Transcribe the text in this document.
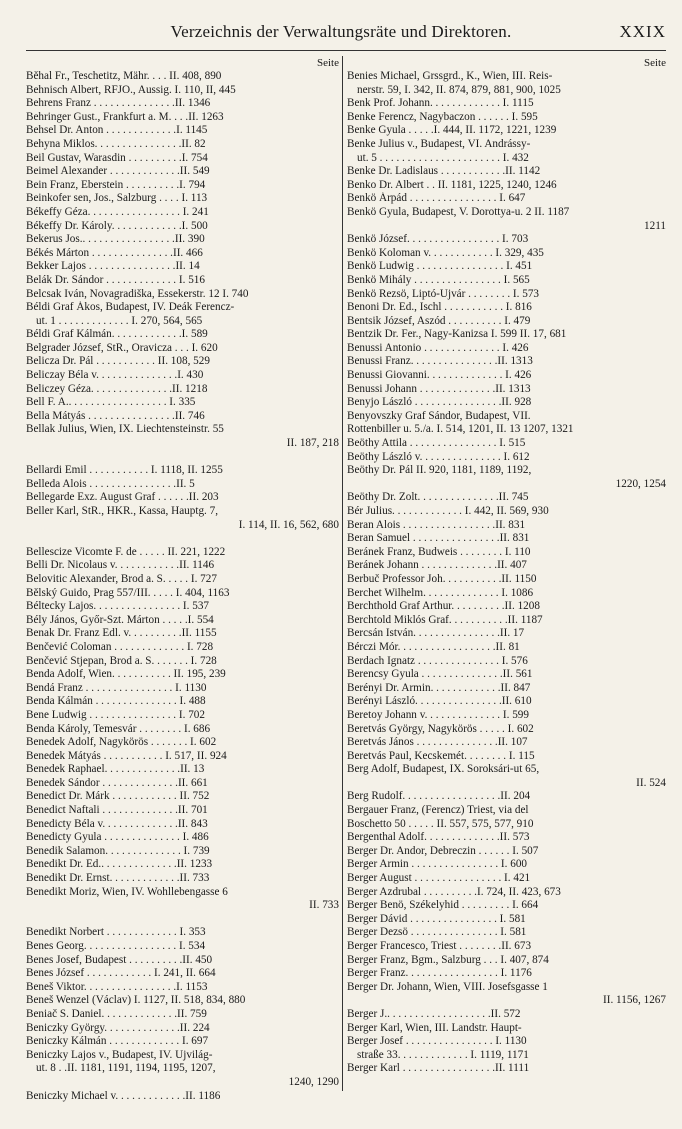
Verzeichnis der Verwaltungsräte und Direktoren.	XXIX
Seite
Běhal Fr., Teschetitz, Mähr. . . . II. 408, 890
Behnisch Albert, RFJO., Aussig. I. 110, II, 445
Behrens Franz . . . . . . . . . . . . . . .II. 1346
Behringer Gust., Frankfurt a. M. . . .II. 1263
Behsel Dr. Anton . . . . . . . . . . . . .I. 1145
Behyna Miklos. . . . . . . . . . . . . . . .II. 82
Beil Gustav, Warasdin . . . . . . . . . .I. 754
Beimel Alexander . . . . . . . . . . . . .II. 549
Bein Franz, Eberstein . . . . . . . . . .I. 794
Beinkofer sen, Jos., Salzburg . . . . I. 113
Békeffy Géza. . . . . . . . . . . . . . . . . I. 241
Békeffy Dr. Károly. . . . . . . . . . . . .I. 500
Bekerus Jos.. . . . . . . . . . . . . . . . .II. 390
Békés Márton . . . . . . . . . . . . . . .II. 466
Bekker Lajos . . . . . . . . . . . . . . . .II. 14
Belák Dr. Sándor . . . . . . . . . . . . . I. 516
Belcsak Iván, Novagradiška, Essekerstr. 12 I. 740
Béldi Graf Ákos, Budapest, IV. Deák Ferencz-
ut. 1 . . . . . . . . . . . . . I. 270, 564, 565
Béldi Graf Kálmán. . . . . . . . . . . . .I. 589
Belgrader József, StR., Oravicza . . . I. 620
Belicza Dr. Pál . . . . . . . . . . . II. 108, 529
Beliczay Béla v. . . . . . . . . . . . . . .I. 430
Beliczey Géza. . . . . . . . . . . . . . .II. 1218
Bell F. A.. . . . . . . . . . . . . . . . . . I. 335
Bella Mátyás . . . . . . . . . . . . . . . .II. 746
Bellak Julius, Wien, IX. Liechtensteinstr. 55
II. 187, 218
Bellardi Emil . . . . . . . . . . . I. 1118, II. 1255
Belleda Alois . . . . . . . . . . . . . . . .II. 5
Bellegarde Exz. August Graf . . . . . .II. 203
Beller Karl, StR., HKR., Kassa, Hauptg. 7,
I. 114, II. 16, 562, 680
Bellescize Vicomte F. de . . . . . II. 221, 1222
Belli Dr. Nicolaus v. . . . . . . . . . . .II. 1146
Belovitic Alexander, Brod a. S. . . . . I. 727
Bělský Guido, Prag 557/III. . . . . I. 404, 1163
Béltecky Lajos. . . . . . . . . . . . . . . . I. 537
Bély János, Győr-Szt. Márton . . . . .I. 554
Benak Dr. Franz Edl. v. . . . . . . . . .II. 1155
Benčević Coloman . . . . . . . . . . . . . I. 728
Benčević Stjepan, Brod a. S. . . . . . . I. 728
Benda Adolf, Wien. . . . . . . . . . . II. 195, 239
Bendá Franz . . . . . . . . . . . . . . . . I. 1130
Benda Kálmán . . . . . . . . . . . . . . . I. 488
Bene Ludwig . . . . . . . . . . . . . . . . I. 702
Benda Károly, Temesvár . . . . . . . . I. 686
Benedek Adolf, Nagykörös . . . . . . . I. 602
Benedek Mátyás . . . . . . . . . . . I. 517, II. 924
Benedek Raphael. . . . . . . . . . . . . .II. 13
Benedek Sándor . . . . . . . . . . . . . .II. 661
Benedict Dr. Márk . . . . . . . . . . . . II. 752
Benedict Naftali . . . . . . . . . . . . . .II. 701
Benedicty Béla v. . . . . . . . . . . . . .II. 843
Benedicty Gyula . . . . . . . . . . . . . . I. 486
Benedik Salamon. . . . . . . . . . . . . . I. 739
Benedikt Dr. Ed.. . . . . . . . . . . . . .II. 1233
Benedikt Dr. Ernst. . . . . . . . . . . . .II. 733
Benedikt Moriz, Wien, IV. Wohllebengasse 6
II. 733
Benedikt Norbert . . . . . . . . . . . . . I. 353
Benes Georg. . . . . . . . . . . . . . . . . I. 534
Benes Josef, Budapest . . . . . . . . . .II. 450
Benes József . . . . . . . . . . . . I. 241, II. 664
Beneš Viktor. . . . . . . . . . . . . . . . .I. 1153
Beneš Wenzel (Václav) I. 1127, II. 518, 834, 880
Beniač S. Daniel. . . . . . . . . . . . . .II. 759
Beniczky György. . . . . . . . . . . . . .II. 224
Beniczky Kálmán . . . . . . . . . . . . . I. 697
Beniczky Lajos v., Budapest, IV. Ujvilág-
ut. 8 . .II. 1181, 1191, 1194, 1195, 1207,
1240, 1290
Beniczky Michael v. . . . . . . . . . . . .II. 1186
Seite
Benies Michael, Grssgrd., K., Wien, III. Reis-
nerstr. 59, I. 342, II. 874, 879, 881, 900, 1025
Benk Prof. Johann. . . . . . . . . . . . . I. 1115
Benke Ferencz, Nagybaczon . . . . . . I. 595
Benke Gyula . . . . .I. 444, II. 1172, 1221, 1239
Benke Julius v., Budapest, VI. Andrássy-
ut. 5 . . . . . . . . . . . . . . . . . . . . . . I. 432
Benke Dr. Ladislaus . . . . . . . . . . . .II. 1142
Benko Dr. Albert . . II. 1181, 1225, 1240, 1246
Benkö Árpád . . . . . . . . . . . . . . . . I. 647
Benkö Gyula, Budapest, V. Dorottya-u. 2 II. 1187
1211
Benkö József. . . . . . . . . . . . . . . . . I. 703
Benkö Koloman v. . . . . . . . . . . . I. 329, 435
Benkö Ludwig . . . . . . . . . . . . . . . . I. 451
Benkö Mihály . . . . . . . . . . . . . . . . I. 565
Benkö Rezsö, Liptó-Ujvár . . . . . . . . I. 573
Benoni Dr. Ed., Ischl . . . . . . . . . . . I. 816
Bentsik József, Aszód . . . . . . . . . . I. 479
Bentzik Dr. Fer., Nagy-Kanizsa I. 599 II. 17, 681
Benussi Antonio . . . . . . . . . . . . . . I. 426
Benussi Franz. . . . . . . . . . . . . . . .II. 1313
Benussi Giovanni. . . . . . . . . . . . . . I. 426
Benussi Johann . . . . . . . . . . . . . .II. 1313
Benyjo László . . . . . . . . . . . . . . . .II. 928
Benyovszky Graf Sándor, Budapest, VII.
Rottenbiller u. 5./a. I. 514, 1201, II. 13 1207, 1321
Beöthy Attila . . . . . . . . . . . . . . . . I. 515
Beöthy László v. . . . . . . . . . . . . . . I. 612
Beöthy Dr. Pál II. 920, 1181, 1189, 1192,
1220, 1254
Beöthy Dr. Zolt. . . . . . . . . . . . . . .II. 745
Bér Julius. . . . . . . . . . . . . I. 442, II. 569, 930
Beran Alois . . . . . . . . . . . . . . . . .II. 831
Beran Samuel . . . . . . . . . . . . . . . .II. 831
Beránek Franz, Budweis . . . . . . . . I. 110
Beránek Johann . . . . . . . . . . . . . .II. 407
Berbuč Professor Joh. . . . . . . . . . .II. 1150
Berchet Wilhelm. . . . . . . . . . . . . . I. 1086
Berchthold Graf Arthur. . . . . . . . . .II. 1208
Berchtold Miklós Graf. . . . . . . . . . .II. 1187
Bercsán István. . . . . . . . . . . . . . . .II. 17
Bérczi Mór. . . . . . . . . . . . . . . . . .II. 81
Berdach Ignatz . . . . . . . . . . . . . . . I. 576
Berencsy Gyula . . . . . . . . . . . . . . .II. 561
Berényi Dr. Armin. . . . . . . . . . . . .II. 847
Berényi László. . . . . . . . . . . . . . . .II. 610
Beretoy Johann v. . . . . . . . . . . . . . I. 599
Beretvás György, Nagykörös . . . . . I. 602
Beretvás János . . . . . . . . . . . . . . .II. 107
Beretvás Paul, Kecskemét. . . . . . . . I. 115
Berg Adolf, Budapest, IX. Soroksári-ut 65,
II. 524
Berg Rudolf. . . . . . . . . . . . . . . . . .II. 204
Bergauer Franz, (Ferencz) Triest, via del
Boschetto 50 . . . . . II. 557, 575, 577, 910
Bergenthal Adolf. . . . . . . . . . . . . .II. 573
Berger Dr. Andor, Debreczin . . . . . . I. 507
Berger Armin . . . . . . . . . . . . . . . . I. 600
Berger August . . . . . . . . . . . . . . . . I. 421
Berger Azdrubal . . . . . . . . . .I. 724, II. 423, 673
Berger Benö, Székelyhid . . . . . . . . . I. 664
Berger Dávid . . . . . . . . . . . . . . . . I. 581
Berger Dezsö . . . . . . . . . . . . . . . . I. 581
Berger Francesco, Triest . . . . . . . .II. 673
Berger Franz, Bgm., Salzburg . . . I. 407, 874
Berger Franz. . . . . . . . . . . . . . . . . I. 1176
Berger Dr. Johann, Wien, VIII. Josefsgasse 1
II. 1156, 1267
Berger J.. . . . . . . . . . . . . . . . . . .II. 572
Berger Karl, Wien, III. Landstr. Haupt-
Berger Josef . . . . . . . . . . . . . . . . I. 1130
straße 33. . . . . . . . . . . . . I. 1119, 1171
Berger Karl . . . . . . . . . . . . . . . . .II. 1111
